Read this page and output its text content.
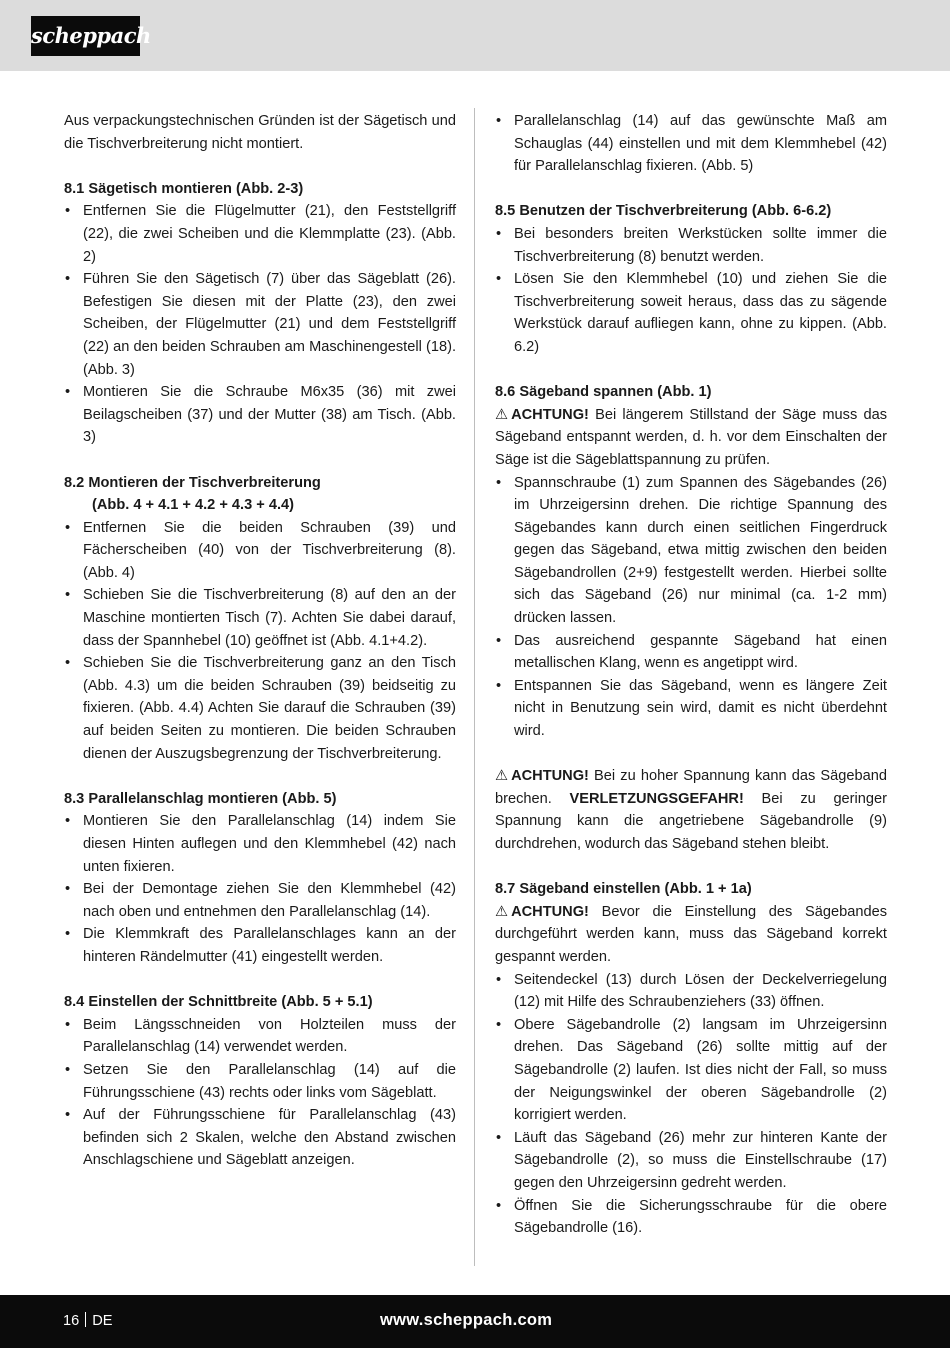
scheppach

Aus verpackungstechnischen Gründen ist der Sägetisch und die Tischverbreiterung nicht montiert.

8.1 Sägetisch montieren (Abb. 2-3)
• Entfernen Sie die Flügelmutter (21), den Feststellgriff (22), die zwei Scheiben und die Klemmplatte (23). (Abb. 2)
• Führen Sie den Sägetisch (7) über das Sägeblatt (26). Befestigen Sie diesen mit der Platte (23), den zwei Scheiben, der Flügelmutter (21) und dem Feststellgriff (22) an den beiden Schrauben am Maschinengestell (18). (Abb. 3)
• Montieren Sie die Schraube M6x35 (36) mit zwei Beilagscheiben (37) und der Mutter (38) am Tisch. (Abb. 3)
8.2 Montieren der Tischverbreiterung
(Abb. 4 + 4.1 + 4.2 + 4.3 + 4.4)
• Entfernen Sie die beiden Schrauben (39) und Fächerscheiben (40) von der Tischverbreiterung (8). (Abb. 4)
• Schieben Sie die Tischverbreiterung (8) auf den an der Maschine montierten Tisch (7). Achten Sie dabei darauf, dass der Spannhebel (10) geöffnet ist (Abb. 4.1+4.2).
• Schieben Sie die Tischverbreiterung ganz an den Tisch (Abb. 4.3) um die beiden Schrauben (39) beidseitig zu fixieren. (Abb. 4.4) Achten Sie darauf die Schrauben (39) auf beiden Seiten zu montieren. Die beiden Schrauben dienen der Auszugsbegrenzung der Tischverbreiterung.
8.3 Parallelanschlag montieren (Abb. 5)
• Montieren Sie den Parallelanschlag (14) indem Sie diesen Hinten auflegen und den Klemmhebel (42) nach unten fixieren.
• Bei der Demontage ziehen Sie den Klemmhebel (42) nach oben und entnehmen den Parallelanschlag (14).
• Die Klemmkraft des Parallelanschlages kann an der hinteren Rändelmutter (41) eingestellt werden.
8.4 Einstellen der Schnittbreite (Abb. 5 + 5.1)
• Beim Längsschneiden von Holzteilen muss der Parallelanschlag (14) verwendet werden.
• Setzen Sie den Parallelanschlag (14) auf die Führungsschiene (43) rechts oder links vom Sägeblatt.
• Auf der Führungsschiene für Parallelanschlag (43) befinden sich 2 Skalen, welche den Abstand zwischen Anschlagschiene und Sägeblatt anzeigen.
• Parallelanschlag (14) auf das gewünschte Maß am Schauglas (44) einstellen und mit dem Klemmhebel (42) für Parallelanschlag fixieren. (Abb. 5)
8.5 Benutzen der Tischverbreiterung (Abb. 6-6.2)
• Bei besonders breiten Werkstücken sollte immer die Tischverbreiterung (8) benutzt werden.
• Lösen Sie den Klemmhebel (10) und ziehen Sie die Tischverbreiterung soweit heraus, dass das zu sägende Werkstück darauf aufliegen kann, ohne zu kippen. (Abb. 6.2)
8.6 Sägeband spannen (Abb. 1)

⚠ ACHTUNG! Bei längerem Stillstand der Säge muss das Sägeband entspannt werden, d. h. vor dem Einschalten der Säge ist die Sägeblattspannung zu prüfen.

• Spannschraube (1) zum Spannen des Sägebandes (26) im Uhrzeigersinn drehen. Die richtige Spannung des Sägebandes kann durch einen seitlichen Fingerdruck gegen das Sägeband, etwa mittig zwischen den beiden Sägebandrollen (2+9) festgestellt werden. Hierbei sollte sich das Sägeband (26) nur minimal (ca. 1-2 mm) drücken lassen.
• Das ausreichend gespannte Sägeband hat einen metallischen Klang, wenn es angetippt wird.
• Entspannen Sie das Sägeband, wenn es längere Zeit nicht in Benutzung sein wird, damit es nicht überdehnt wird.

⚠ ACHTUNG! Bei zu hoher Spannung kann das Sägeband brechen. VERLETZUNGSGEFAHR! Bei zu geringer Spannung kann die angetriebene Sägebandrolle (9) durchdrehen, wodurch das Sägeband stehen bleibt.

8.7 Sägeband einstellen (Abb. 1 + 1a)

⚠ ACHTUNG! Bevor die Einstellung des Sägebandes durchgeführt werden kann, muss das Sägeband korrekt gespannt werden.

• Seitendeckel (13) durch Lösen der Deckelverriegelung (12) mit Hilfe des Schraubenziehers (33) öffnen.
• Obere Sägebandrolle (2) langsam im Uhrzeigersinn drehen. Das Sägeband (26) sollte mittig auf der Sägebandrolle (2) laufen. Ist dies nicht der Fall, so muss der Neigungswinkel der oberen Sägebandrolle (2) korrigiert werden.
• Läuft das Sägeband (26) mehr zur hinteren Kante der Sägebandrolle (2), so muss die Einstellschraube (17) gegen den Uhrzeigersinn gedreht werden.
• Öffnen Sie die Sicherungsschraube für die obere Sägebandrolle (16).
16 DE	www.scheppach.com
